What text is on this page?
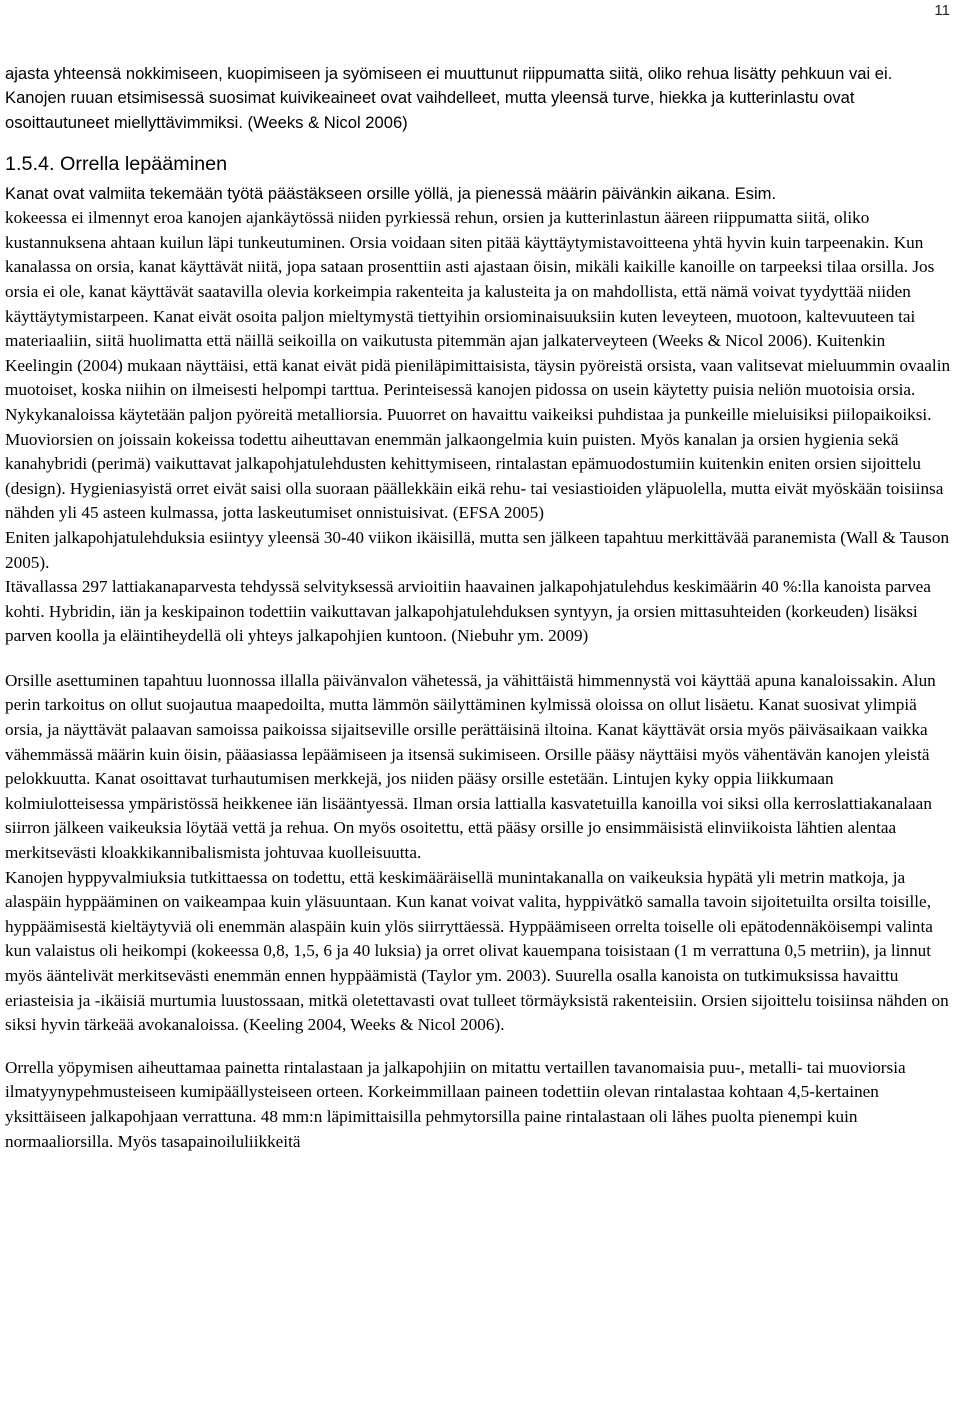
11

ajasta yhteensä nokkimiseen, kuopimiseen ja syömiseen ei muuttunut riippumatta siitä, oliko rehua lisätty pehkuun vai ei.

Kanojen ruuan etsimisessä suosimat kuivikeaineet ovat vaihdelleet, mutta yleensä turve, hiekka ja kutterinlastu ovat osoittautuneet miellyttävimmiksi. (Weeks & Nicol 2006)

1.5.4. Orrella lepääminen

Kanat ovat valmiita tekemään työtä päästäkseen orsille yöllä, ja pienessä määrin päivänkin aikana. Esim.

kokeessa ei ilmennyt eroa kanojen ajankäytössä niiden pyrkiessä rehun, orsien ja kutterinlastun ääreen riippumatta siitä, oliko kustannuksena ahtaan kuilun läpi tunkeutuminen. Orsia voidaan siten pitää käyttäytymistavoitteena yhtä hyvin kuin tarpeenakin. Kun kanalassa on orsia, kanat käyttävät niitä, jopa sataan prosenttiin asti ajastaan öisin, mikäli kaikille kanoille on tarpeeksi tilaa orsilla. Jos orsia ei ole, kanat käyttävät saatavilla olevia korkeimpia rakenteita ja kalusteita ja on mahdollista, että nämä voivat tyydyttää niiden käyttäytymistarpeen. Kanat eivät osoita paljon mieltymystä tiettyihin orsiominaisuuksiin kuten leveyteen, muotoon, kaltevuuteen tai materiaaliin, siitä huolimatta että näillä seikoilla on vaikutusta pitemmän ajan jalkaterveyteen (Weeks & Nicol 2006). Kuitenkin Keelingin (2004) mukaan näyttäisi, että kanat eivät pidä pieniläpimittaisista, täysin pyöreistä orsista, vaan valitsevat mieluummin ovaalin muotoiset, koska niihin on ilmeisesti helpompi tarttua. Perinteisessä kanojen pidossa on usein käytetty puisia neliön muotoisia orsia. Nykykanaloissa käytetään paljon pyöreitä metalliorsia. Puuorret on havaittu vaikeiksi puhdistaa ja punkeille mieluisiksi piilopaikoiksi. Muoviorsien on joissain kokeissa todettu aiheuttavan enemmän jalkaongelmia kuin puisten. Myös kanalan ja orsien hygienia sekä kanahybridi (perimä) vaikuttavat jalkapohjatulehdusten kehittymiseen, rintalastan epämuodostumiin kuitenkin eniten orsien sijoittelu (design). Hygieniasyistä orret eivät saisi olla suoraan päällekkäin eikä rehu- tai vesiastioiden yläpuolella, mutta eivät myöskään toisiinsa nähden yli 45 asteen kulmassa, jotta laskeutumiset onnistuisivat. (EFSA 2005)

Eniten jalkapohjatulehduksia esiintyy yleensä 30-40 viikon ikäisillä, mutta sen jälkeen tapahtuu merkittävää paranemista (Wall & Tauson 2005).

Itävallassa 297 lattiakanaparvesta tehdyssä selvityksessä arvioitiin haavainen jalkapohjatulehdus keskimäärin 40 %:lla kanoista parvea kohti. Hybridin, iän ja keskipainon todettiin vaikuttavan jalkapohjatulehduksen syntyyn, ja orsien mittasuhteiden (korkeuden) lisäksi parven koolla ja eläintiheydellä oli yhteys jalkapohjien kuntoon. (Niebuhr ym. 2009)

Orsille asettuminen tapahtuu luonnossa illalla päivänvalon vähetessä, ja vähittäistä himmennystä voi käyttää apuna kanaloissakin. Alun perin tarkoitus on ollut suojautua maapedoilta, mutta lämmön säilyttäminen kylmissä oloissa on ollut lisäetu. Kanat suosivat ylimpiä orsia, ja näyttävät palaavan samoissa paikoissa sijaitseville orsille perättäisinä iltoina. Kanat käyttävät orsia myös päiväsaikaan vaikka vähemmässä määrin kuin öisin, pääasiassa lepäämiseen ja itsensä sukimiseen. Orsille pääsy näyttäisi myös vähentävän kanojen yleistä pelokkuutta. Kanat osoittavat turhautumisen merkkejä, jos niiden pääsy orsille estetään. Lintujen kyky oppia liikkumaan kolmiulotteisessa ympäristössä heikkenee iän lisääntyessä. Ilman orsia lattialla kasvatetuilla kanoilla voi siksi olla kerroslattiakanalaan siirron jälkeen vaikeuksia löytää vettä ja rehua. On myös osoitettu, että pääsy orsille jo ensimmäisistä elinviikoista lähtien alentaa merkitsevästi kloakkikannibalismista johtuvaa kuolleisuutta.

Kanojen hyppyvalmiuksia tutkittaessa on todettu, että keskimääräisellä munintakanalla on vaikeuksia hypätä yli metrin matkoja, ja alaspäin hyppääminen on vaikeampaa kuin yläsuuntaan. Kun kanat voivat valita, hyppivätkö samalla tavoin sijoitetuilta orsilta toisille, hyppäämisestä kieltäytyviä oli enemmän alaspäin kuin ylös siirryttäessä. Hyppäämiseen orrelta toiselle oli epätodennäköisempi valinta kun valaistus oli heikompi (kokeessa 0,8, 1,5, 6 ja 40 luksia) ja orret olivat kauempana toisistaan (1 m verrattuna 0,5 metriin), ja linnut myös ääntelivät merkitsevästi enemmän ennen hyppäämistä (Taylor ym. 2003). Suurella osalla kanoista on tutkimuksissa havaittu eriasteisia ja -ikäisiä murtumia luustossaan, mitkä oletettavasti ovat tulleet törmäyksistä rakenteisiin. Orsien sijoittelu toisiinsa nähden on siksi hyvin tärkeää avokanaloissa. (Keeling 2004, Weeks & Nicol 2006).

Orrella yöpymisen aiheuttamaa painetta rintalastaan ja jalkapohjiin on mitattu vertaillen tavanomaisia puu-, metalli- tai muoviorsia ilmatyynypehmusteiseen kumipäällysteiseen orteen. Korkeimmillaan paineen todettiin olevan rintalastaa kohtaan 4,5-kertainen yksittäiseen jalkapohjaan verrattuna. 48 mm:n läpimittaisilla pehmytorsilla paine rintalastaan oli lähes puolta pienempi kuin normaaliorsilla. Myös tasapainoiluliikkeitä
